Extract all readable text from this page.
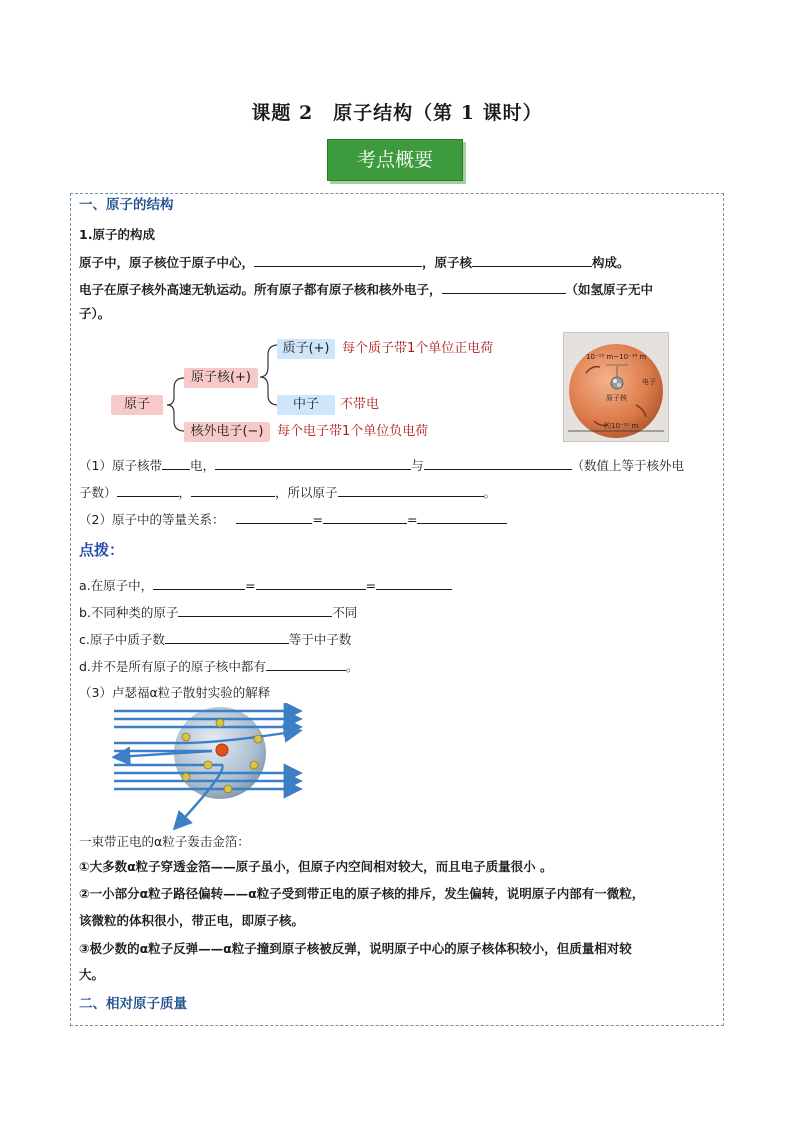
课题 2　原子结构（第 1 课时）
考点概要
一、原子的结构
1.原子的构成
原子中，原子核位于原子中心，	，原子核	构成。
电子在原子核外高速无轨运动。所有原子都有原子核和核外电子，	（如氢原子无中
子）。
原子
原子核(+)
核外电子(−)
质子(+)
中子
每个质子带1个单位正电荷
不带电
每个电子带1个单位负电荷
10⁻¹⁵ m~10⁻¹⁴ m
电子
原子核
约10⁻¹⁰ m
（1）原子核带 电，	与	（数值上等于核外电
子数）	，	，所以原子	。
（2）原子中的等量关系：	=	=
点拨：
a.在原子中，	=	=
b.不同种类的原子	不同
c.原子中质子数	等于中子数
d.并不是所有原子的原子核中都有	。
（3）卢瑟福α粒子散射实验的解释
一束带正电的α粒子轰击金箔：
①大多数α粒子穿透金箔——原子虽小，但原子内空间相对较大，而且电子质量很小 。
②一小部分α粒子路径偏转——α粒子受到带正电的原子核的排斥，发生偏转，说明原子内部有一微粒，
该微粒的体积很小，带正电，即原子核。
③极少数的α粒子反弹——α粒子撞到原子核被反弹，说明原子中心的原子核体积较小，但质量相对较
大。
二、相对原子质量
